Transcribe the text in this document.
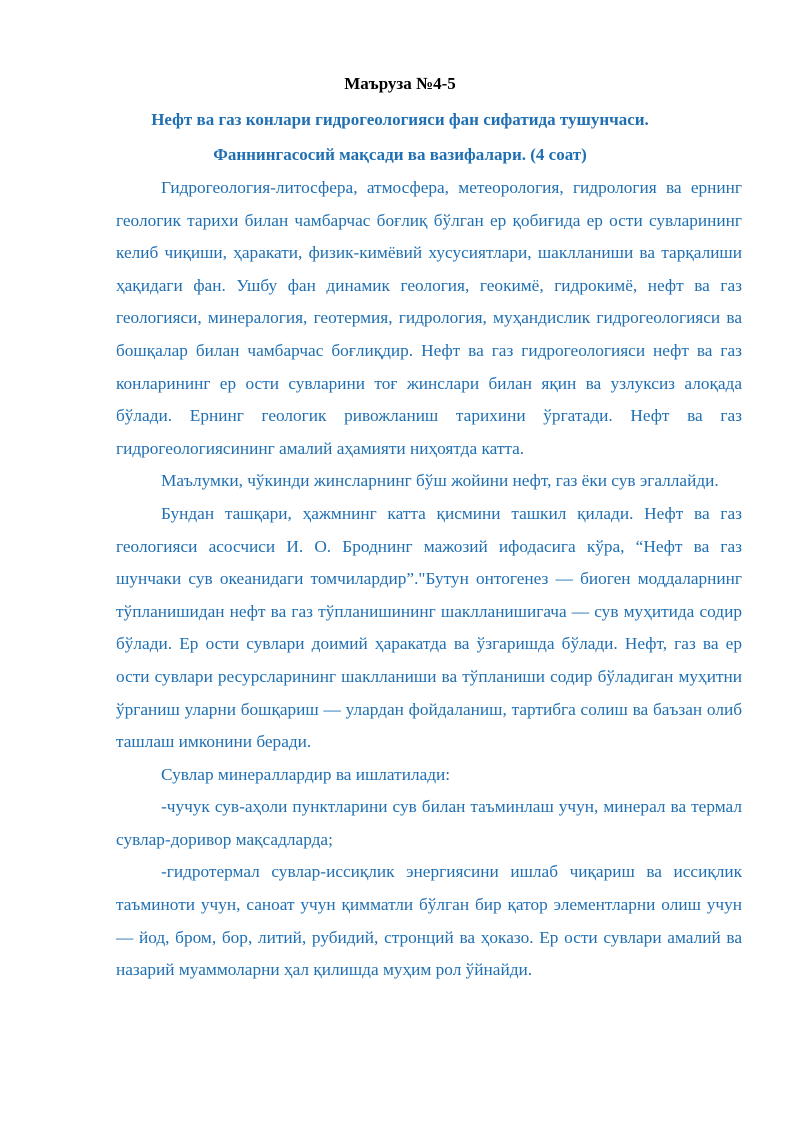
Маъруза №4-5
Нефт ва газ конлари гидрогеологияси фан сифатида тушунчаси.
Фаннингасосий мақсади ва вазифалари. (4 соат)

Гидрогеология-литосфера, атмосфера, метеорология, гидрология ва ернинг геологик тарихи билан чамбарчас боғлиқ бўлган ер қобиғида ер ости сувларининг келиб чиқиши, ҳаракати, физик-кимёвий хусусиятлари, шаклланиши ва тарқалиши ҳақидаги фан. Ушбу фан динамик геология, геокимё, гидрокимё, нефт ва газ геологияси, минералогия, геотермия, гидрология, муҳандислик гидрогеологияси ва бошқалар билан чамбарчас боғлиқдир. Нефт ва газ гидрогеологияси нефт ва газ конларининг ер ости сувларини тоғ жинслари билан яқин ва узлуксиз алоқада бўлади. Ернинг геологик ривожланиш тарихини ўргатади. Нефт ва газ гидрогеологиясининг амалий аҳамияти ниҳоятда катта.

Маълумки, чўкинди жинсларнинг бўш жойини нефт, газ ёки сув эгаллайди.

Бундан ташқари, ҳажмнинг катта қисмини ташкил қилади. Нефт ва газ геологияси асосчиси И. О. Броднинг мажозий ифодасига кўра, “Нефт ва газ шунчаки сув океанидаги томчилардир”."Бутун онтогенез — биоген моддаларнинг тўпланишидан нефт ва газ тўпланишининг шаклланишигача — сув муҳитида содир бўлади. Ер ости сувлари доимий ҳаракатда ва ўзгаришда бўлади. Нефт, газ ва ер ости сувлари ресурсларининг шаклланиши ва тўпланиши содир бўладиган муҳитни ўрганиш уларни бошқариш — улардан фойдаланиш, тартибга солиш ва баъзан олиб ташлаш имконини беради.

Сувлар минераллардир ва ишлатилади:

-чучук сув-аҳоли пунктларини сув билан таъминлаш учун, минерал ва термал сувлар-доривор мақсадларда;

-гидротермал сувлар-иссиқлик энергиясини ишлаб чиқариш ва иссиқлик таъминоти учун, саноат учун қимматли бўлган бир қатор элементларни олиш учун — йод, бром, бор, литий, рубидий, стронций ва ҳоказо. Ер ости сувлари амалий ва назарий муаммоларни ҳал қилишда муҳим рол ўйнайди.
